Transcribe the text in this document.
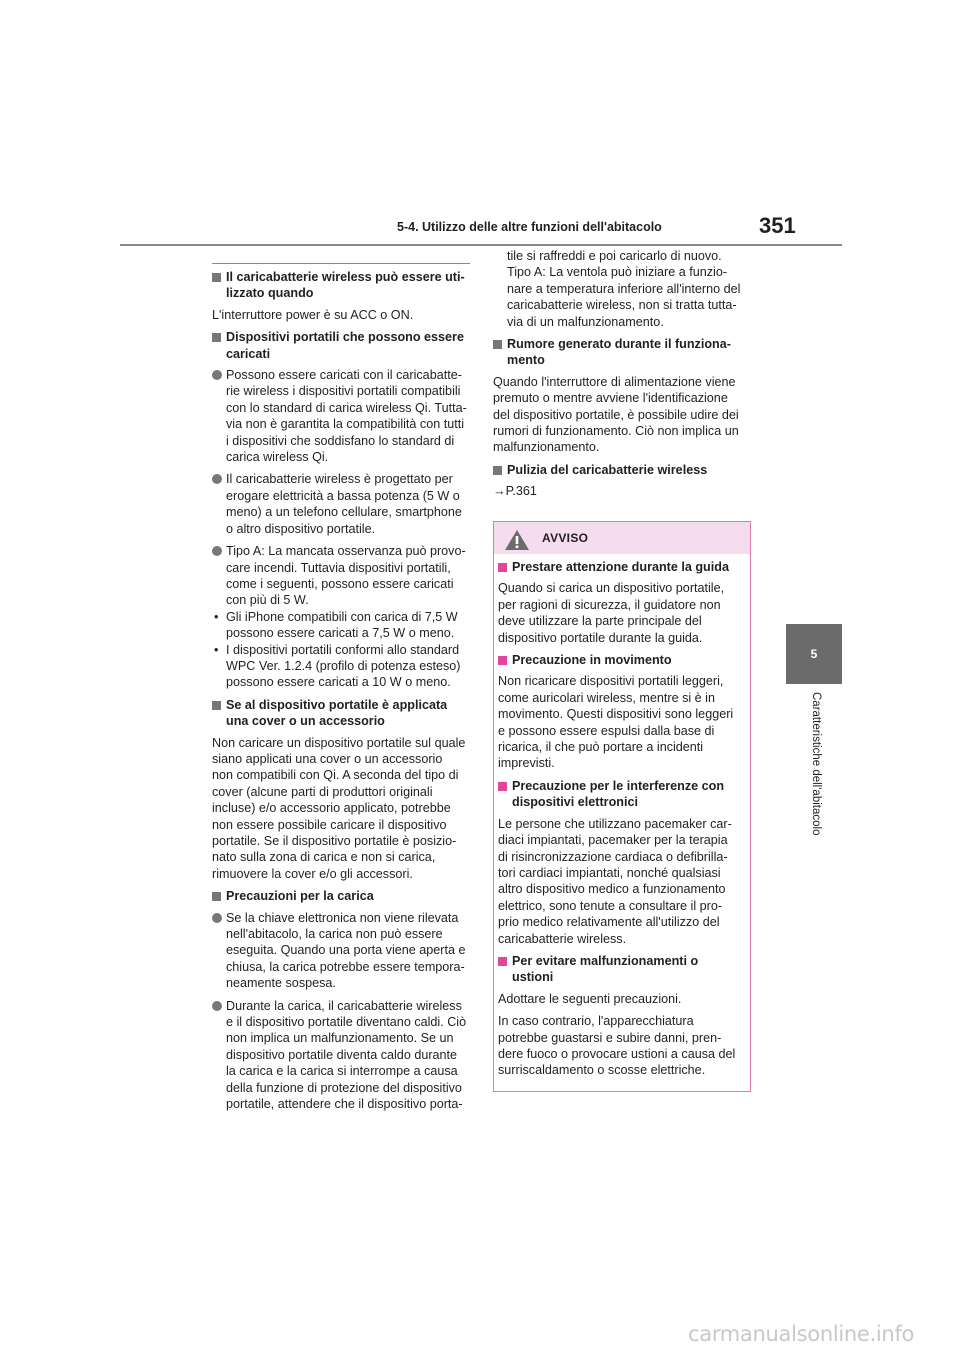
5-4. Utilizzo delle altre funzioni dell'abitacolo	351
5
Caratteristiche dell'abitacolo
Il caricabatterie wireless può essere uti-
lizzato quando
L'interruttore power è su ACC o ON.
Dispositivi portatili che possono essere
caricati
Possono essere caricati con il caricabatte-
rie wireless i dispositivi portatili compatibili
con lo standard di carica wireless Qi. Tutta-
via non è garantita la compatibilità con tutti
i dispositivi che soddisfano lo standard di
carica wireless Qi.
Il caricabatterie wireless è progettato per
erogare elettricità a bassa potenza (5 W o
meno) a un telefono cellulare, smartphone
o altro dispositivo portatile.
Tipo A: La mancata osservanza può provo-
care incendi. Tuttavia dispositivi portatili,
come i seguenti, possono essere caricati
con più di 5 W.
• Gli iPhone compatibili con carica di 7,5 W
possono essere caricati a 7,5 W o meno.
• I dispositivi portatili conformi allo standard
WPC Ver. 1.2.4 (profilo di potenza esteso)
possono essere caricati a 10 W o meno.
Se al dispositivo portatile è applicata
una cover o un accessorio
Non caricare un dispositivo portatile sul quale
siano applicati una cover o un accessorio
non compatibili con Qi. A seconda del tipo di
cover (alcune parti di produttori originali
incluse) e/o accessorio applicato, potrebbe
non essere possibile caricare il dispositivo
portatile. Se il dispositivo portatile è posizio-
nato sulla zona di carica e non si carica,
rimuovere la cover e/o gli accessori.
Precauzioni per la carica
Se la chiave elettronica non viene rilevata
nell'abitacolo, la carica non può essere
eseguita. Quando una porta viene aperta e
chiusa, la carica potrebbe essere tempora-
neamente sospesa.
Durante la carica, il caricabatterie wireless
e il dispositivo portatile diventano caldi. Ciò
non implica un malfunzionamento. Se un
dispositivo portatile diventa caldo durante
la carica e la carica si interrompe a causa
della funzione di protezione del dispositivo
portatile, attendere che il dispositivo porta-
tile si raffreddi e poi caricarlo di nuovo.
Tipo A: La ventola può iniziare a funzio-
nare a temperatura inferiore all'interno del
caricabatterie wireless, non si tratta tutta-
via di un malfunzionamento.
Rumore generato durante il funziona-
mento
Quando l'interruttore di alimentazione viene
premuto o mentre avviene l'identificazione
del dispositivo portatile, è possibile udire dei
rumori di funzionamento. Ciò non implica un
malfunzionamento.
Pulizia del caricabatterie wireless
→P.361
AVVISO
Prestare attenzione durante la guida
Quando si carica un dispositivo portatile,
per ragioni di sicurezza, il guidatore non
deve utilizzare la parte principale del
dispositivo portatile durante la guida.
Precauzione in movimento
Non ricaricare dispositivi portatili leggeri,
come auricolari wireless, mentre si è in
movimento. Questi dispositivi sono leggeri
e possono essere espulsi dalla base di
ricarica, il che può portare a incidenti
imprevisti.
Precauzione per le interferenze con
dispositivi elettronici
Le persone che utilizzano pacemaker car-
diaci impiantati, pacemaker per la terapia
di risincronizzazione cardiaca o defibrilla-
tori cardiaci impiantati, nonché qualsiasi
altro dispositivo medico a funzionamento
elettrico, sono tenute a consultare il pro-
prio medico relativamente all'utilizzo del
caricabatterie wireless.
Per evitare malfunzionamenti o
ustioni
Adottare le seguenti precauzioni.
In caso contrario, l'apparecchiatura
potrebbe guastarsi e subire danni, pren-
dere fuoco o provocare ustioni a causa del
surriscaldamento o scosse elettriche.
carmanualsonline.info
